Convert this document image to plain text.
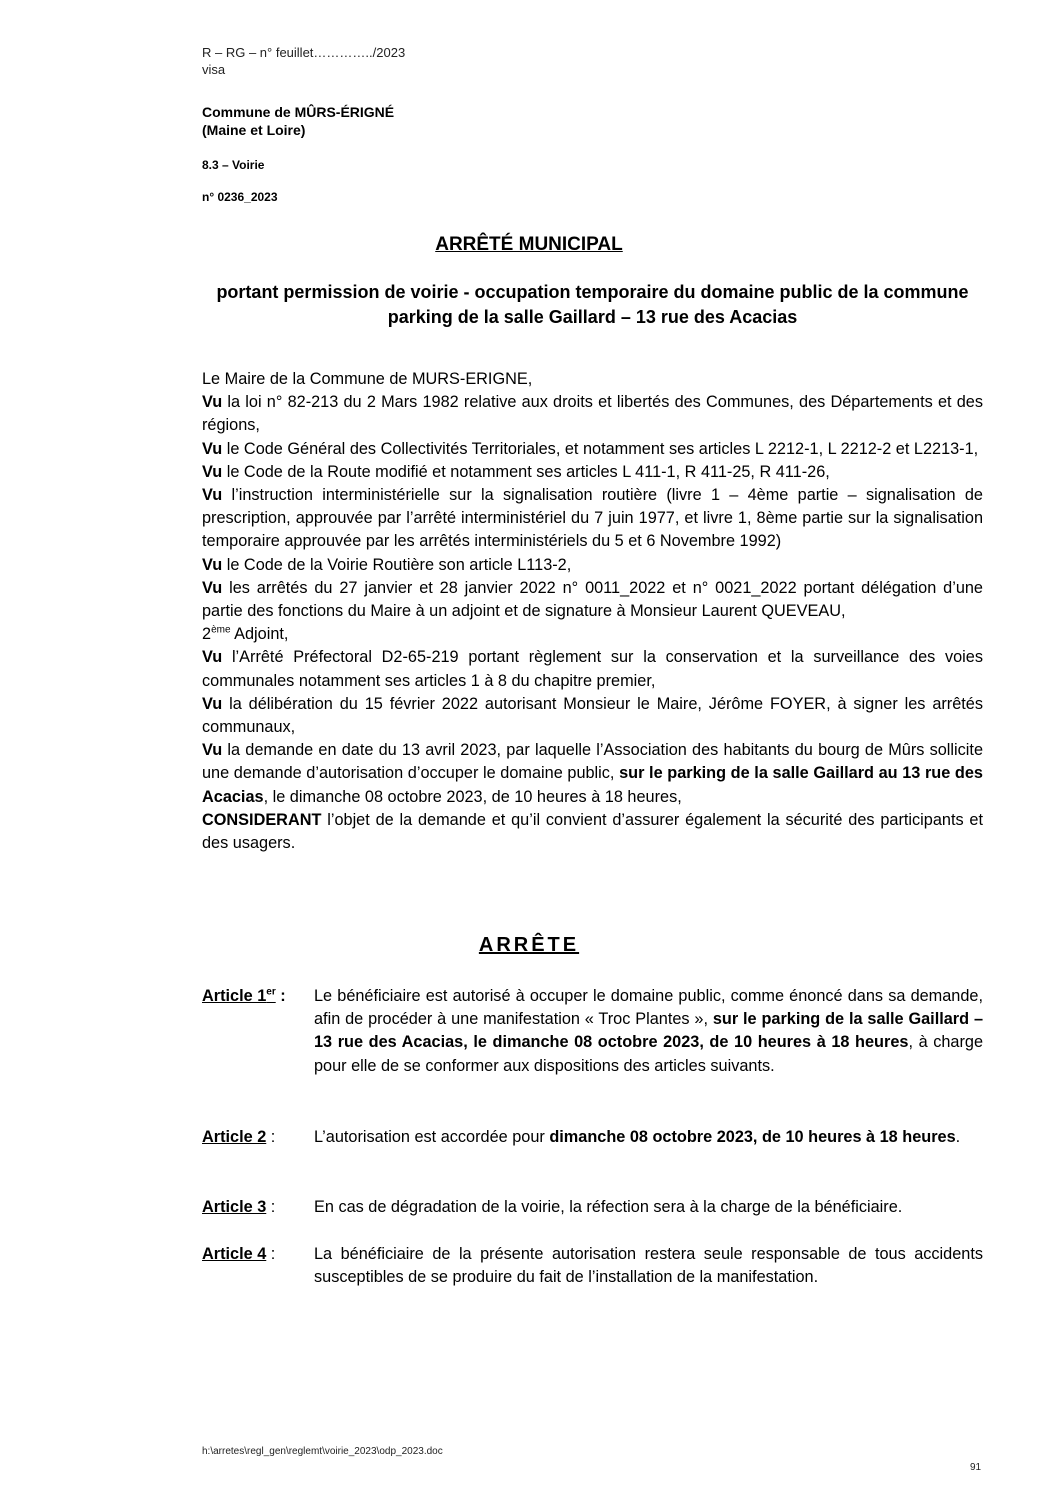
R – RG – n° feuillet…………../2023
visa
Commune de MÛRS-ÉRIGNÉ
(Maine et Loire)
8.3 – Voirie
n° 0236_2023
ARRÊTÉ MUNICIPAL
portant permission de voirie - occupation temporaire du domaine public de la commune
parking de la salle Gaillard – 13 rue des Acacias

Le Maire de la Commune de MURS-ERIGNE,

Vu la loi n° 82-213 du 2 Mars 1982 relative aux droits et libertés des Communes, des Départements et des régions,

Vu le Code Général des Collectivités Territoriales, et notamment ses articles L 2212-1, L 2212-2 et L2213-1,

Vu le Code de la Route modifié et notamment ses articles L 411-1, R 411-25, R 411-26,

Vu l’instruction interministérielle sur la signalisation routière (livre 1 – 4ème partie – signalisation de prescription, approuvée par l’arrêté interministériel du 7 juin 1977, et livre 1, 8ème partie sur la signalisation temporaire approuvée par les arrêtés interministériels du 5 et 6 Novembre 1992)

Vu le Code de la Voirie Routière son article L113-2,

Vu les arrêtés du 27 janvier et 28 janvier 2022 n° 0011_2022 et n° 0021_2022 portant délégation d’une partie des fonctions du Maire à un adjoint et de signature à Monsieur Laurent QUEVEAU,
2ème Adjoint,

Vu l’Arrêté Préfectoral D2-65-219 portant règlement sur la conservation et la surveillance des voies communales notamment ses articles 1 à 8 du chapitre premier,

Vu la délibération du 15 février 2022 autorisant Monsieur le Maire, Jérôme FOYER, à signer les arrêtés communaux,

Vu la demande en date du 13 avril 2023, par laquelle l’Association des habitants du bourg de Mûrs sollicite une demande d’autorisation d’occuper le domaine public, sur le parking de la salle Gaillard au 13 rue des Acacias, le dimanche 08 octobre 2023, de 10 heures à 18 heures,

CONSIDERANT l’objet de la demande et qu’il convient d’assurer également la sécurité des participants et des usagers.

ARRÊTE
Article 1er : Le bénéficiaire est autorisé à occuper le domaine public, comme énoncé dans sa demande, afin de procéder à une manifestation « Troc Plantes », sur le parking de la salle Gaillard – 13 rue des Acacias, le dimanche 08 octobre 2023, de 10 heures à 18 heures, à charge pour elle de se conformer aux dispositions des articles suivants.
Article 2 : L’autorisation est accordée pour dimanche 08 octobre 2023, de 10 heures à 18 heures.
Article 3 : En cas de dégradation de la voirie, la réfection sera à la charge de la bénéficiaire.
Article 4 : La bénéficiaire de la présente autorisation restera seule responsable de tous accidents susceptibles de se produire du fait de l’installation de la manifestation.
h:\arretes\regl_gen\reglemt\voirie_2023\odp_2023.doc
91
